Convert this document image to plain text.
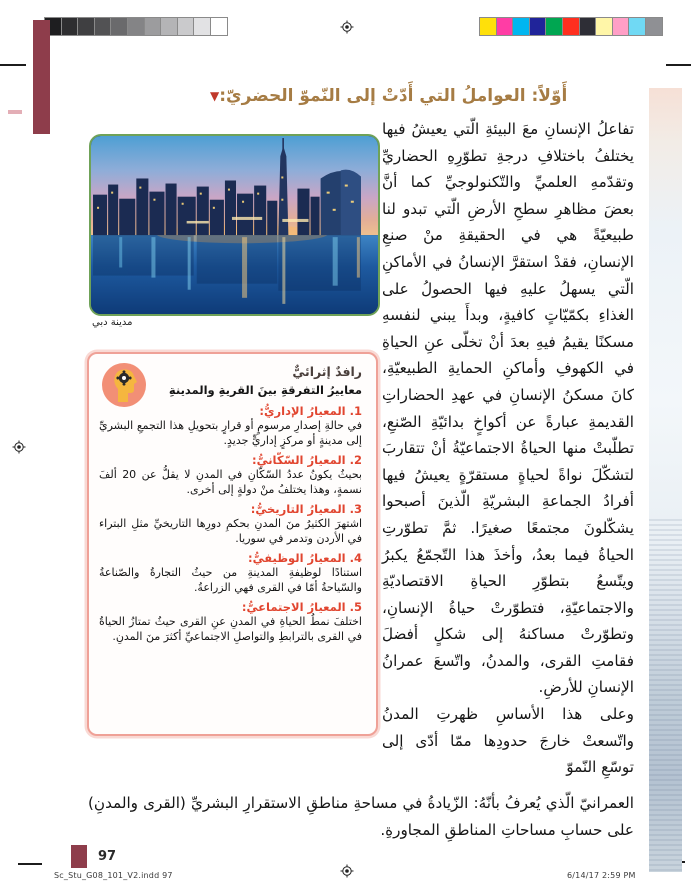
أَوّلاً: العواملُ التي أَدّتْ إلى النّموّ الحضريّ:▼
مدينة دبي
رافدٌ إثرائيٌّ
معاييرُ التفرقةِ بينَ القريةِ والمدينةِ
1. المعيارُ الإداريُّ:
في حالةِ إصدارِ مرسومٍ أو قرارٍ بتحويلِ هذا التجمعِ البشريِّ إلى مدينةٍ أو مركزٍ إداريٍّ جديدٍ.
2. المعيارُ السّكّانيُّ:
بحيثُ يكونُ عددُ السّكّانِ في المدنِ لا يقلُّ عن 20 ألفَ نسمةٍ، وهذا يختلفُ منْ دولةٍ إلى أخرى.
3. المعيارُ التاريخيُّ:
اشتهرَ الكثيرُ منَ المدنِ بحكمِ دورِها التاريخيِّ مثلِ البتراء في الأردن وتدمر في سوريا.
4. المعيارُ الوظيفيُّ:
استنادًا لوظيفةِ المدينةِ من حيثُ التجارةُ والصّناعةُ والسّياحةُ أمّا في القرى فهي الزراعةُ.
5. المعيارُ الاجتماعيُّ:
اختلفَ نمطُ الحياةِ في المدنِ عنِ القرى حيثُ تمتازُ الحياةُ في القرى بالترابطِ والتواصلِ الاجتماعيِّ أكثرَ منَ المدنِ.

تفاعلُ الإنسانِ معَ البيئةِ الّتي يعيشُ فيها يختلفُ باختلافِ درجةِ تطوّرِهِ الحضاريِّ وتقدّمهِ العلميِّ والتّكنولوجيِّ كما أنَّ بعضَ مظاهرِ سطحِ الأرضِ الّتي تبدو لنا طبيعيّةً هي في الحقيقةِ منْ صنعِ الإنسانِ، فقدْ استقرَّ الإنسانُ في الأماكنِ الّتي يسهلُ عليهِ فيها الحصولُ على الغذاءِ بكمّيّاتٍ كافيةٍ، وبدأَ يبني لنفسهِ مسكنًا يقيمُ فيهِ بعدَ أنْ تخلّى عنِ الحياةِ في الكهوفِ وأماكنِ الحمايةِ الطبيعيّةِ، كانَ مسكنُ الإنسانِ في عهدِ الحضاراتِ القديمةِ عبارةً عن أكواخٍ بدائيّةِ الصّنعِ، تطلّبتْ منها الحياةُ الاجتماعيّةُ أنْ تتقاربَ لتشكّلَ نواةً لحياةٍ مستقرّةٍ يعيشُ فيها أفرادُ الجماعةِ البشريّةِ الّذينَ أصبحوا يشكّلونَ مجتمعًا صغيرًا. ثمَّ تطوّرتِ الحياةُ فيما بعدُ، وأخذَ هذا التّجمّعُ يكبرُ ويتّسعُ بتطوّرِ الحياةِ الاقتصاديّةِ والاجتماعيّةِ، فتطوّرتْ حياةُ الإنسانِ، وتطوّرتْ مساكنهُ إلى شكلٍ أفضلَ فقامتِ القرى، والمدنُ، واتّسعَ عمرانُ الإنسانِ للأرضِ.

وعلى هذا الأساسِ ظهرتِ المدنُ واتّسعتْ خارجَ حدودِها ممّا أدّى إلى توسّعِ النّموّ

العمرانيّ الّذي يُعرفُ بأنّهُ: الزّيادةُ في مساحةِ مناطقِ الاستقرارِ البشريِّ (القرى والمدنِ) على حسابِ مساحاتِ المناطقِ المجاورةِ.
97
Sc_Stu_G08_101_V2.indd 97	6/14/17 2:59 PM
